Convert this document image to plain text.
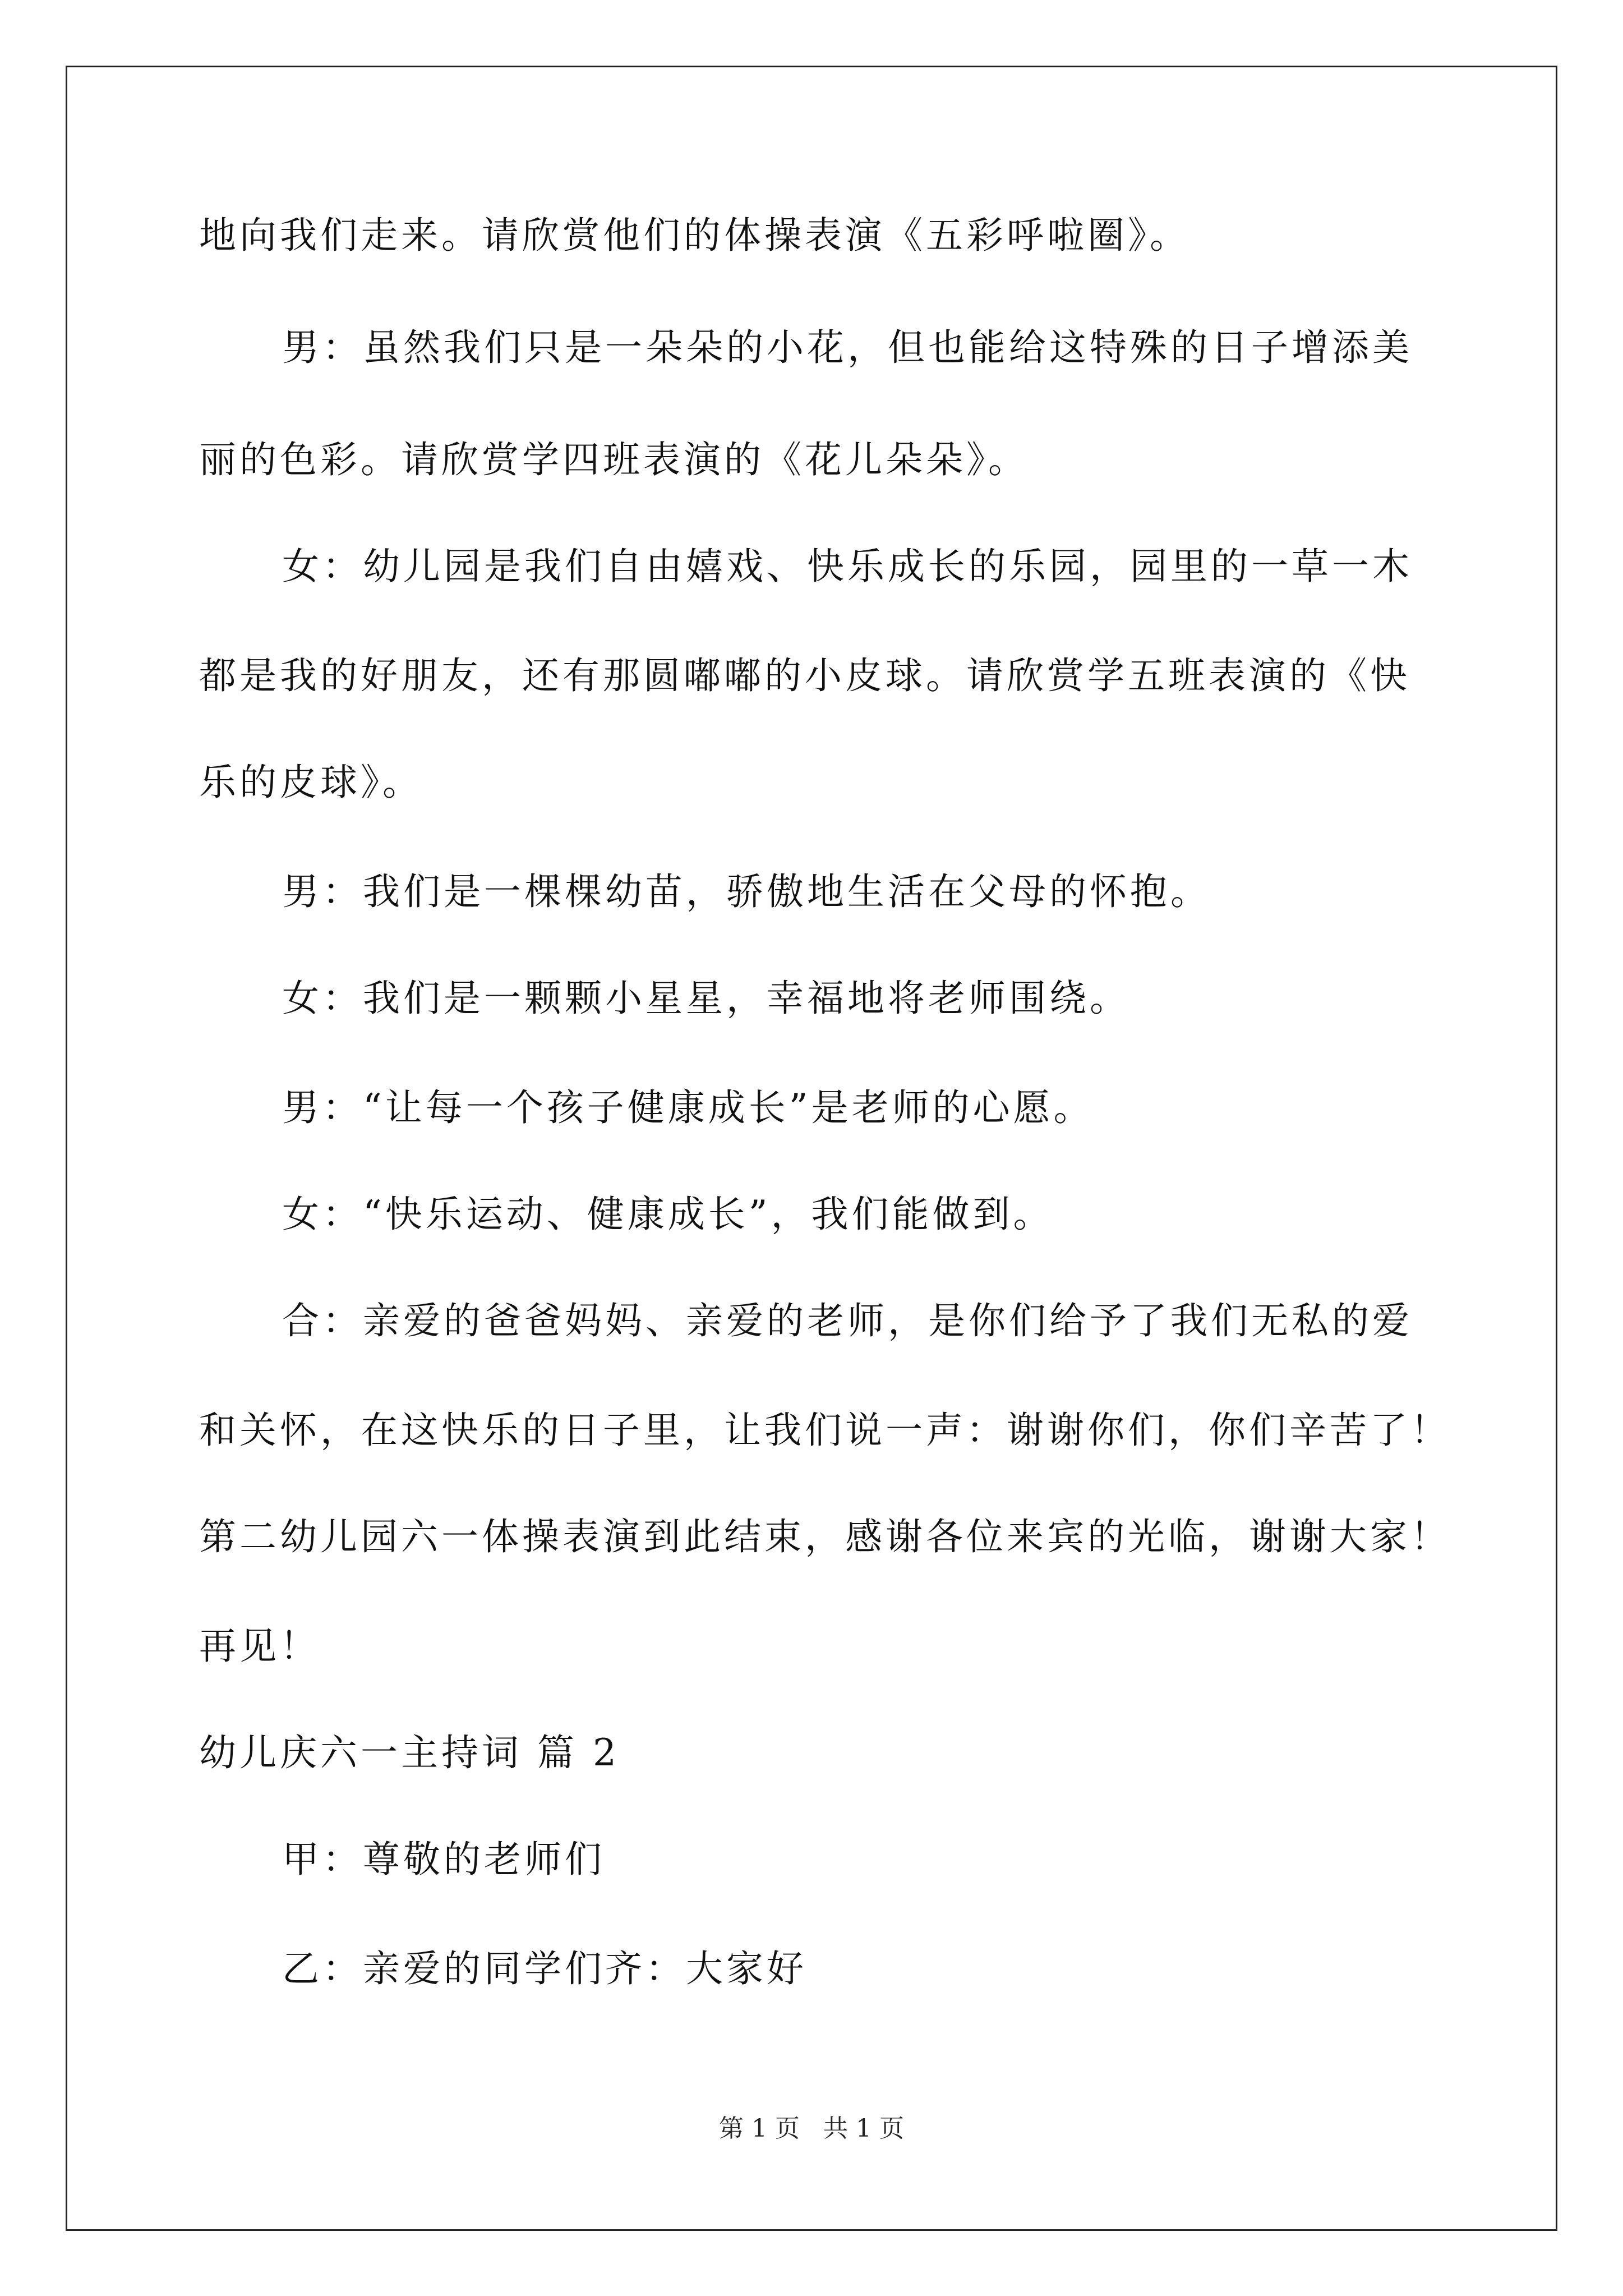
地向我们走来。请欣赏他们的体操表演《五彩呼啦圈》。
男：虽然我们只是一朵朵的小花，但也能给这特殊的日子增添美
丽的色彩。请欣赏学四班表演的《花儿朵朵》。
女：幼儿园是我们自由嬉戏、快乐成长的乐园，园里的一草一木
都是我的好朋友，还有那圆嘟嘟的小皮球。请欣赏学五班表演的《快
乐的皮球》。
男：我们是一棵棵幼苗，骄傲地生活在父母的怀抱。
女：我们是一颗颗小星星，幸福地将老师围绕。
男：“让每一个孩子健康成长”是老师的心愿。
女：“快乐运动、健康成长”，我们能做到。
合：亲爱的爸爸妈妈、亲爱的老师，是你们给予了我们无私的爱
和关怀，在这快乐的日子里，让我们说一声：谢谢你们，你们辛苦了！
第二幼儿园六一体操表演到此结束，感谢各位来宾的光临，谢谢大家！
再见！
幼儿庆六一主持词 篇 2
甲：尊敬的老师们
乙：亲爱的同学们齐：大家好
第 1 页 共 1 页
